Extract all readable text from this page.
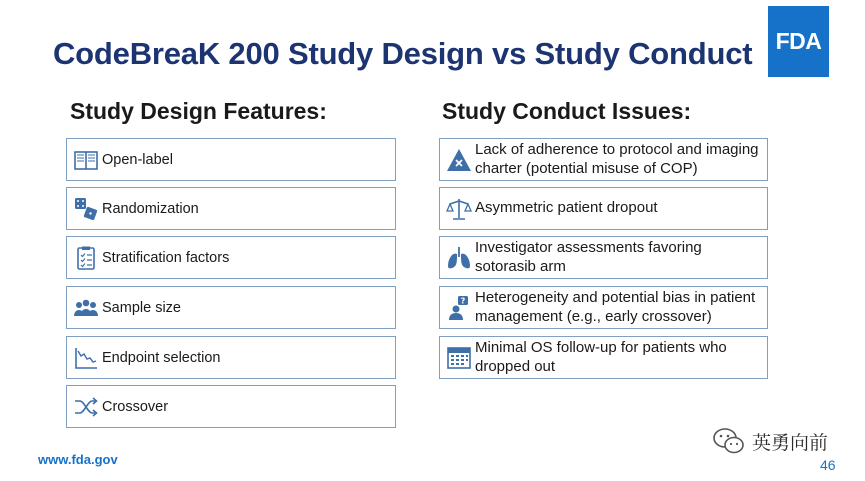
CodeBreaK 200 Study Design vs Study Conduct	FDA
Study Design Features:	Study Conduct Issues:
Open-label
Randomization
Stratification factors
Sample size
Endpoint selection
Crossover
Lack of adherence to protocol and imaging
charter (potential misuse of COP)
Asymmetric patient dropout
Investigator assessments favoring
sotorasib arm
? Heterogeneity and potential bias in patient
management (e.g., early crossover)
Minimal OS follow-up for patients who
dropped out
www.fda.gov
英勇向前
46
